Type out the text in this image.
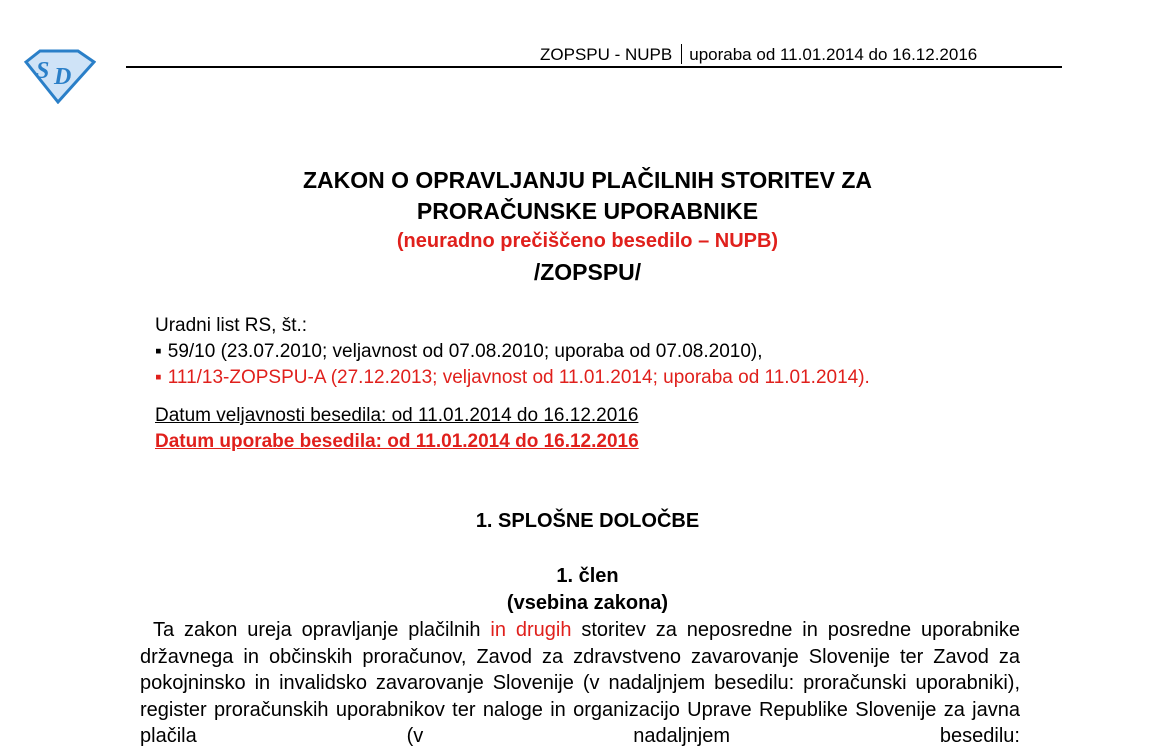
S D
ZOPSPU - NUPB uporaba od 11.01.2014 do 16.12.2016
ZAKON O OPRAVLJANJU PLAČILNIH STORITEV ZA
PRORAČUNSKE UPORABNIKE
(neuradno prečiščeno besedilo – NUPB)
/ZOPSPU/
Uradni list RS, št.:
▪ 59/10 (23.07.2010; veljavnost od 07.08.2010; uporaba od 07.08.2010),
▪ 111/13-ZOPSPU-A (27.12.2013; veljavnost od 11.01.2014; uporaba od 11.01.2014).
Datum veljavnosti besedila: od 11.01.2014 do 16.12.2016
Datum uporabe besedila: od 11.01.2014 do 16.12.2016
1. SPLOŠNE DOLOČBE
1. člen
(vsebina zakona)

Ta zakon ureja opravljanje plačilnih in drugih storitev za neposredne in posredne uporabnike državnega in občinskih proračunov, Zavod za zdravstveno zavarovanje Slovenije ter Zavod za pokojninsko in invalidsko zavarovanje Slovenije (v nadaljnjem besedilu: proračunski uporabniki), register proračunskih uporabnikov ter naloge in organizacijo Uprave Republike Slovenije za javna plačila (v nadaljnjem besedilu:
